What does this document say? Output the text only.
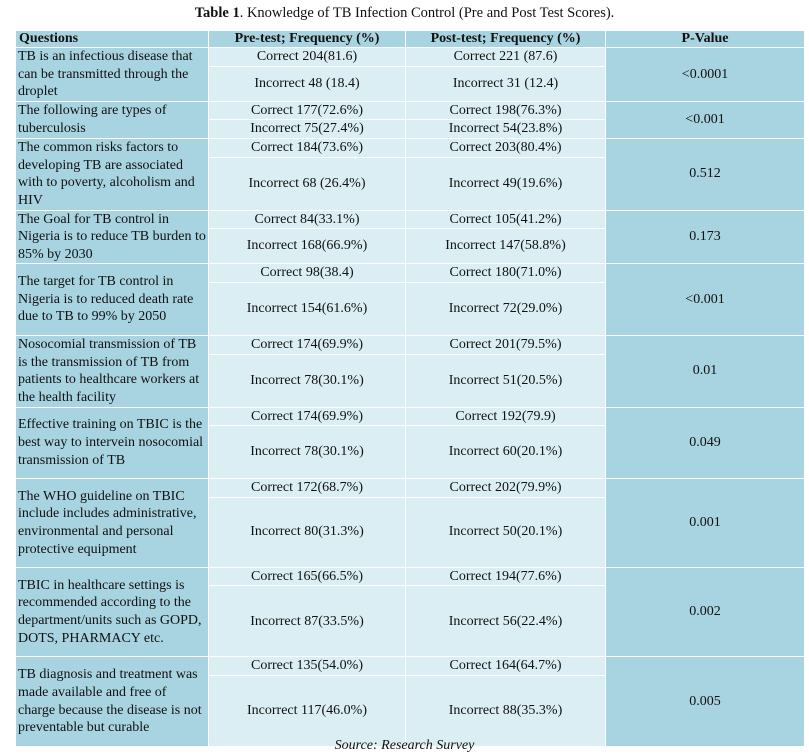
Table 1. Knowledge of TB Infection Control (Pre and Post Test Scores).
Questions	Pre-test; Frequency (%)	Post-test; Frequency (%)	P-Value
TB is an infectious disease that can be transmitted through the droplet	Correct 204(81.6)	Correct 221 (87.6)	<0.0001
	Incorrect 48 (18.4)	Incorrect 31 (12.4)	
The following are types of tuberculosis	Correct 177(72.6%)	Correct 198(76.3%)	<0.001
	Incorrect 75(27.4%)	Incorrect 54(23.8%)	
The common risks factors to developing TB are associated with to poverty, alcoholism and HIV	Correct 184(73.6%)	Correct 203(80.4%)	0.512
	Incorrect 68 (26.4%)	Incorrect 49(19.6%)	
The Goal for TB control in Nigeria is to reduce TB burden to 85% by 2030	Correct 84(33.1%)	Correct 105(41.2%)	0.173
	Incorrect 168(66.9%)	Incorrect 147(58.8%)	
The target for TB control in Nigeria is to reduced death rate due to TB to 99% by 2050	Correct 98(38.4)	Correct 180(71.0%)	<0.001
	Incorrect 154(61.6%)	Incorrect 72(29.0%)	
Nosocomial transmission of TB is the transmission of TB from patients to healthcare workers at the health facility	Correct 174(69.9%)	Correct 201(79.5%)	0.01
	Incorrect 78(30.1%)	Incorrect 51(20.5%)	
Effective training on TBIC is the best way to intervein nosocomial transmission of TB	Correct 174(69.9%)	Correct 192(79.9)	0.049
	Incorrect 78(30.1%)	Incorrect 60(20.1%)	
The WHO guideline on TBIC include includes administrative, environmental and personal protective equipment	Correct 172(68.7%)	Correct 202(79.9%)	0.001
	Incorrect 80(31.3%)	Incorrect 50(20.1%)	
TBIC in healthcare settings is recommended according to the department/units such as GOPD, DOTS, PHARMACY etc.	Correct 165(66.5%)	Correct 194(77.6%)	0.002
	Incorrect 87(33.5%)	Incorrect 56(22.4%)	
TB diagnosis and treatment was made available and free of charge because the disease is not preventable but curable	Correct 135(54.0%)	Correct 164(64.7%)	0.005
	Incorrect 117(46.0%)	Incorrect 88(35.3%)	
Source: Research Survey
